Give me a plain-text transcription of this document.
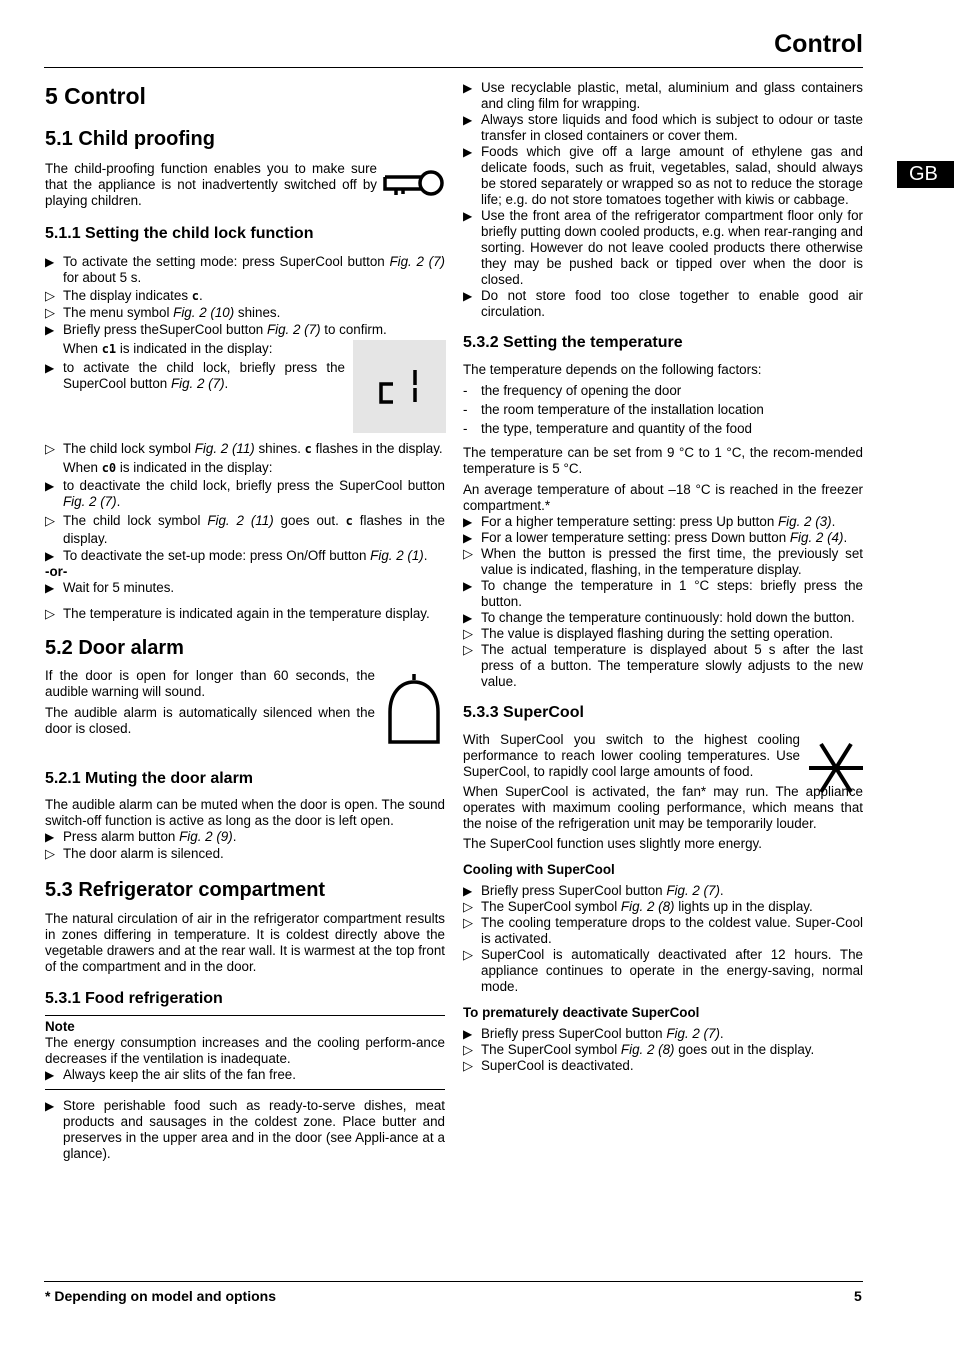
Control
GB
5 Control
5.1 Child proofing

The child-proofing function enables you to make sure that the appliance is not inadvertently switched off by playing children.

5.1.1 Setting the child lock function
▶ To activate the setting mode: press SuperCool button Fig. 2 (7) for about 5 s.
▷ The display indicates c.
▷ The menu symbol Fig. 2 (10) shines.
▶ Briefly press theSuperCool button Fig. 2 (7) to confirm.
When c1 is indicated in the display:
▶ to activate the child lock, briefly press the SuperCool button Fig. 2 (7).
▷ The child lock symbol Fig. 2 (11) shines. c flashes in the display.
When c0 is indicated in the display:
▶ to deactivate the child lock, briefly press the SuperCool button Fig. 2 (7).
▷ The child lock symbol Fig. 2 (11) goes out. c flashes in the display.
▶ To deactivate the set-up mode: press On/Off button Fig. 2 (1).

-or-

▶ Wait for 5 minutes.
▷ The temperature is indicated again in the temperature display.
5.2 Door alarm

If the door is open for longer than 60 seconds, the audible warning will sound.

The audible alarm is automatically silenced when the door is closed.

5.2.1 Muting the door alarm

The audible alarm can be muted when the door is open. The sound switch-off function is active as long as the door is left open.

▶ Press alarm button Fig. 2 (9).
▷ The door alarm is silenced.
5.3 Refrigerator compartment

The natural circulation of air in the refrigerator compartment results in zones differing in temperature. It is coldest directly above the vegetable drawers and at the rear wall. It is warmest at the top front of the compartment and in the door.

5.3.1 Food refrigeration
Note

The energy consumption increases and the cooling perform-ance decreases if the ventilation is inadequate.

▶ Always keep the air slits of the fan free.
▶ Store perishable food such as ready-to-serve dishes, meat products and sausages in the coldest zone. Place butter and preserves in the upper area and in the door (see Appli-ance at a glance).
▶ Use recyclable plastic, metal, aluminium and glass containers and cling film for wrapping.
▶ Always store liquids and food which is subject to odour or taste transfer in closed containers or cover them.
▶ Foods which give off a large amount of ethylene gas and delicate foods, such as fruit, vegetables, salad, should always be stored separately or wrapped so as not to reduce the storage life; e.g. do not store tomatoes together with kiwis or cabbage.
▶ Use the front area of the refrigerator compartment floor only for briefly putting down cooled products, e.g. when rear-ranging and sorting. However do not leave cooled products there otherwise they may be pushed back or tipped over when the door is closed.
▶ Do not store food too close together to enable good air circulation.
5.3.2 Setting the temperature

The temperature depends on the following factors:

- the frequency of opening the door
- the room temperature of the installation location
- the type, temperature and quantity of the food

The temperature can be set from 9 °C to 1 °C, the recom-mended temperature is 5 °C.

An average temperature of about –18 °C is reached in the freezer compartment.*

▶ For a higher temperature setting: press Up button Fig. 2 (3).
▶ For a lower temperature setting: press Down button Fig. 2 (4).
▷ When the button is pressed the first time, the previously set value is indicated, flashing, in the temperature display.
▶ To change the temperature in 1 °C steps: briefly press the button.
▶ To change the temperature continuously: hold down the button.
▷ The value is displayed flashing during the setting operation.
▷ The actual temperature is displayed about 5 s after the last press of a button. The temperature slowly adjusts to the new value.
5.3.3 SuperCool

With SuperCool you switch to the highest cooling performance to reach lower cooling temperatures. Use SuperCool, to rapidly cool large amounts of food.

When SuperCool is activated, the fan* may run. The appliance operates with maximum cooling performance, which means that the noise of the refrigeration unit may be temporarily louder.

The SuperCool function uses slightly more energy.

Cooling with SuperCool
▶ Briefly press SuperCool button Fig. 2 (7).
▷ The SuperCool symbol Fig. 2 (8) lights up in the display.
▷ The cooling temperature drops to the coldest value. Super-Cool is activated.
▷ SuperCool is automatically deactivated after 12 hours. The appliance continues to operate in the energy-saving, normal mode.
To prematurely deactivate SuperCool
▶ Briefly press SuperCool button Fig. 2 (7).
▷ The SuperCool symbol Fig. 2 (8) goes out in the display.
▷ SuperCool is deactivated.
* Depending on model and options	5
